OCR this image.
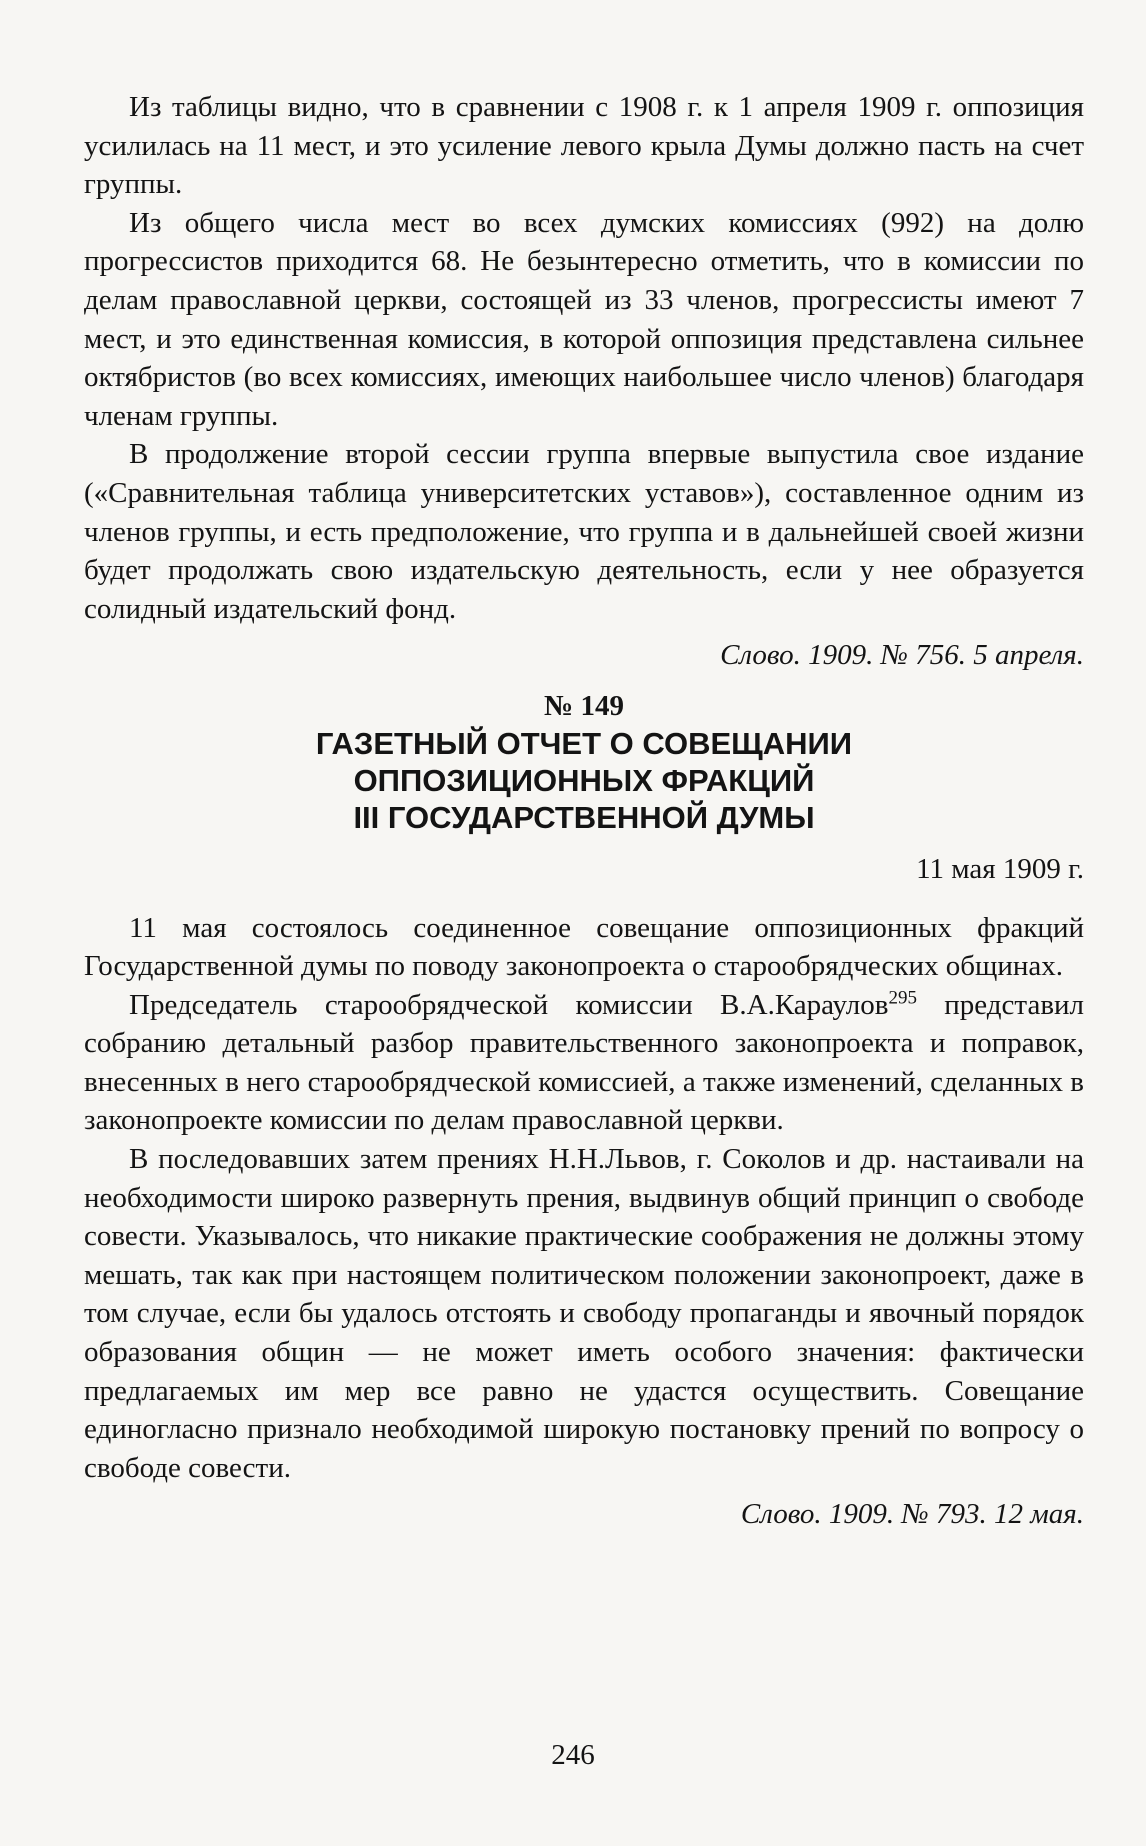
Из таблицы видно, что в сравнении с 1908 г. к 1 апреля 1909 г. оппозиция усилилась на 11 мест, и это усиление левого крыла Думы должно пасть на счет группы.

Из общего числа мест во всех думских комиссиях (992) на долю прогрессистов приходится 68. Не безынтересно отметить, что в комиссии по делам православной церкви, состоящей из 33 членов, прогрессисты имеют 7 мест, и это единственная комиссия, в которой оппозиция представлена сильнее октябристов (во всех комиссиях, имеющих наибольшее число членов) благодаря членам группы.

В продолжение второй сессии группа впервые выпустила свое издание («Сравнительная таблица университетских уставов»), составленное одним из членов группы, и есть предположение, что группа и в дальнейшей своей жизни будет продолжать свою издательскую деятельность, если у нее образуется солидный издательский фонд.

Слово. 1909. № 756. 5 апреля.

№ 149
ГАЗЕТНЫЙ ОТЧЕТ О СОВЕЩАНИИ
ОППОЗИЦИОННЫХ ФРАКЦИЙ
III ГОСУДАРСТВЕННОЙ ДУМЫ

11 мая 1909 г.

11 мая состоялось соединенное совещание оппозиционных фракций Государственной думы по поводу законопроекта о старообрядческих общинах.

Председатель старообрядческой комиссии В.А.Караулов$^{295}$ представил собранию детальный разбор правительственного законопроекта и поправок, внесенных в него старообрядческой комиссией, а также изменений, сделанных в законопроекте комиссии по делам православной церкви.

В последовавших затем прениях Н.Н.Львов, г. Соколов и др. настаивали на необходимости широко развернуть прения, выдвинув общий принцип о свободе совести. Указывалось, что никакие практические соображения не должны этому мешать, так как при настоящем политическом положении законопроект, даже в том случае, если бы удалось отстоять и свободу пропаганды и явочный порядок образования общин — не может иметь особого значения: фактически предлагаемых им мер все равно не удастся осуществить. Совещание единогласно признало необходимой широкую постановку прений по вопросу о свободе совести.

Слово. 1909. № 793. 12 мая.

246
